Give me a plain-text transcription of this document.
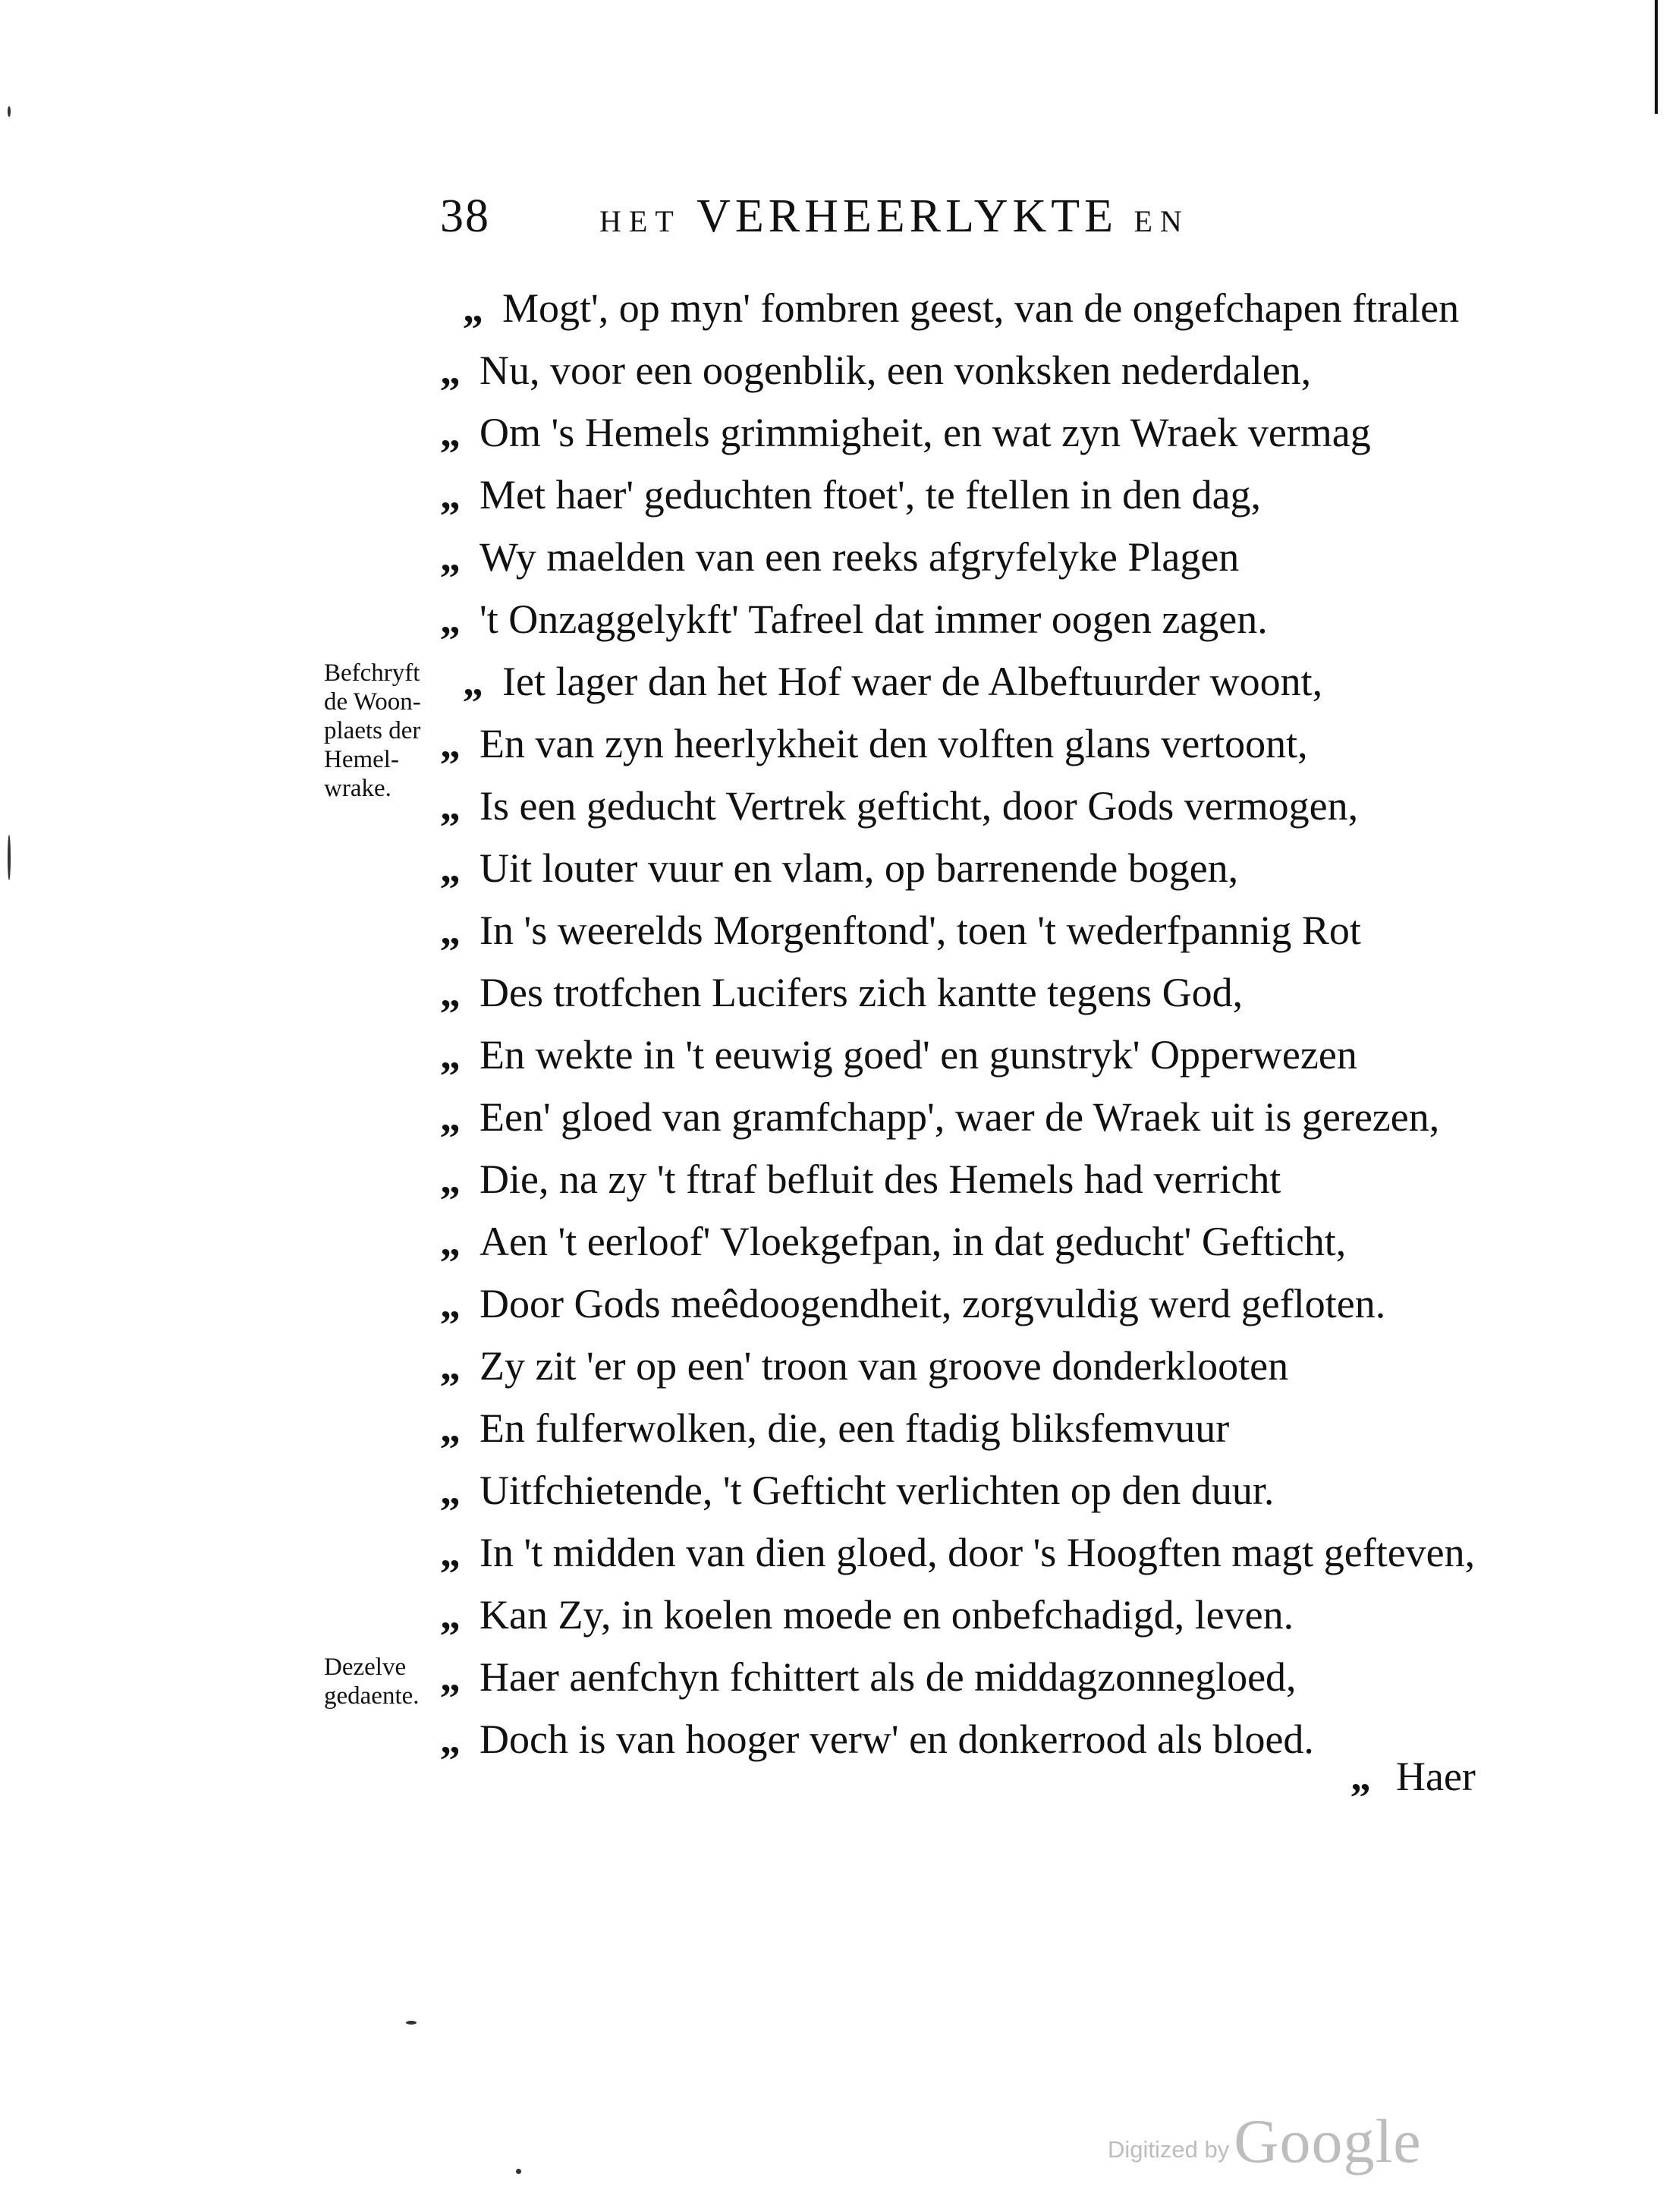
38	HET VERHEERLYKTE EN
Befchryft
de Woon-
plaets der
Hemel-
wrake.
Dezelve
gedaente.
„ Mogt', op myn' fombren geest, van de ongefchapen ftralen
„ Nu, voor een oogenblik, een vonksken nederdalen,
„ Om 's Hemels grimmigheit, en wat zyn Wraek vermag
„ Met haer' geduchten ftoet', te ftellen in den dag,
„ Wy maelden van een reeks afgryfelyke Plagen
„ 't Onzaggelykft' Tafreel dat immer oogen zagen.
„ Iet lager dan het Hof waer de Albeftuurder woont,
„ En van zyn heerlykheit den volften glans vertoont,
„ Is een geducht Vertrek gefticht, door Gods vermogen,
„ Uit louter vuur en vlam, op barrenende bogen,
„ In 's weerelds Morgenftond', toen 't wederfpannig Rot
„ Des trotfchen Lucifers zich kantte tegens God,
„ En wekte in 't eeuwig goed' en gunstryk' Opperwezen
„ Een' gloed van gramfchapp', waer de Wraek uit is gerezen,
„ Die, na zy 't ftraf befluit des Hemels had verricht
„ Aen 't eerloof' Vloekgefpan, in dat geducht' Gefticht,
„ Door Gods meêdoogendheit, zorgvuldig werd gefloten.
„ Zy zit 'er op een' troon van groove donderklooten
„ En fulferwolken, die, een ftadig bliksfemvuur
„ Uitfchietende, 't Gefticht verlichten op den duur.
„ In 't midden van dien gloed, door 's Hoogften magt gefteven,
„ Kan Zy, in koelen moede en onbefchadigd, leven.
„ Haer aenfchyn fchittert als de middagzonnegloed,
„ Doch is van hooger verw' en donkerrood als bloed.
„ Haer
Digitized byGoogle
